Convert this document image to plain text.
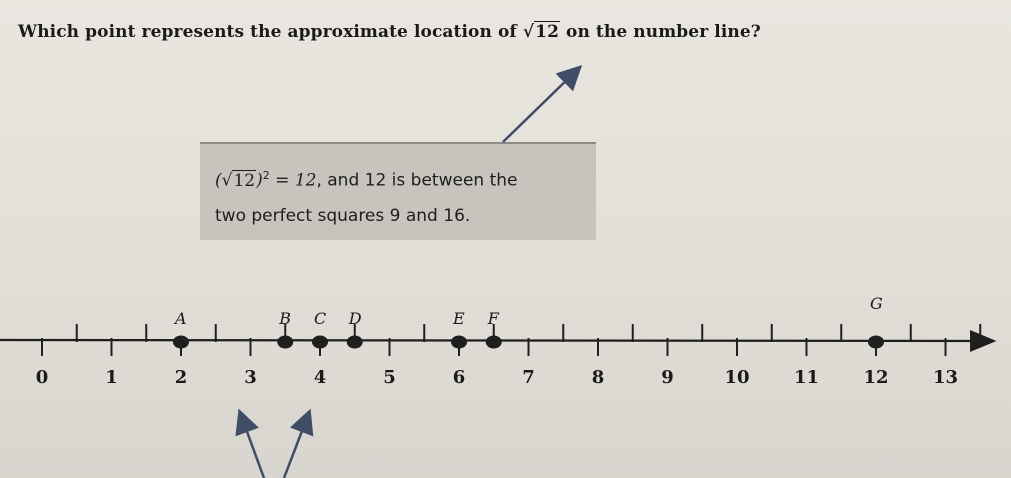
Which point represents the approximate location of √12 on the number line?
$(√12)^2 = 12$, and 12 is between the
two perfect squares 9 and 16.
0	1	2	3	4	5	6	7	8	9	10 11 12 13
A	B C D	E F
G
